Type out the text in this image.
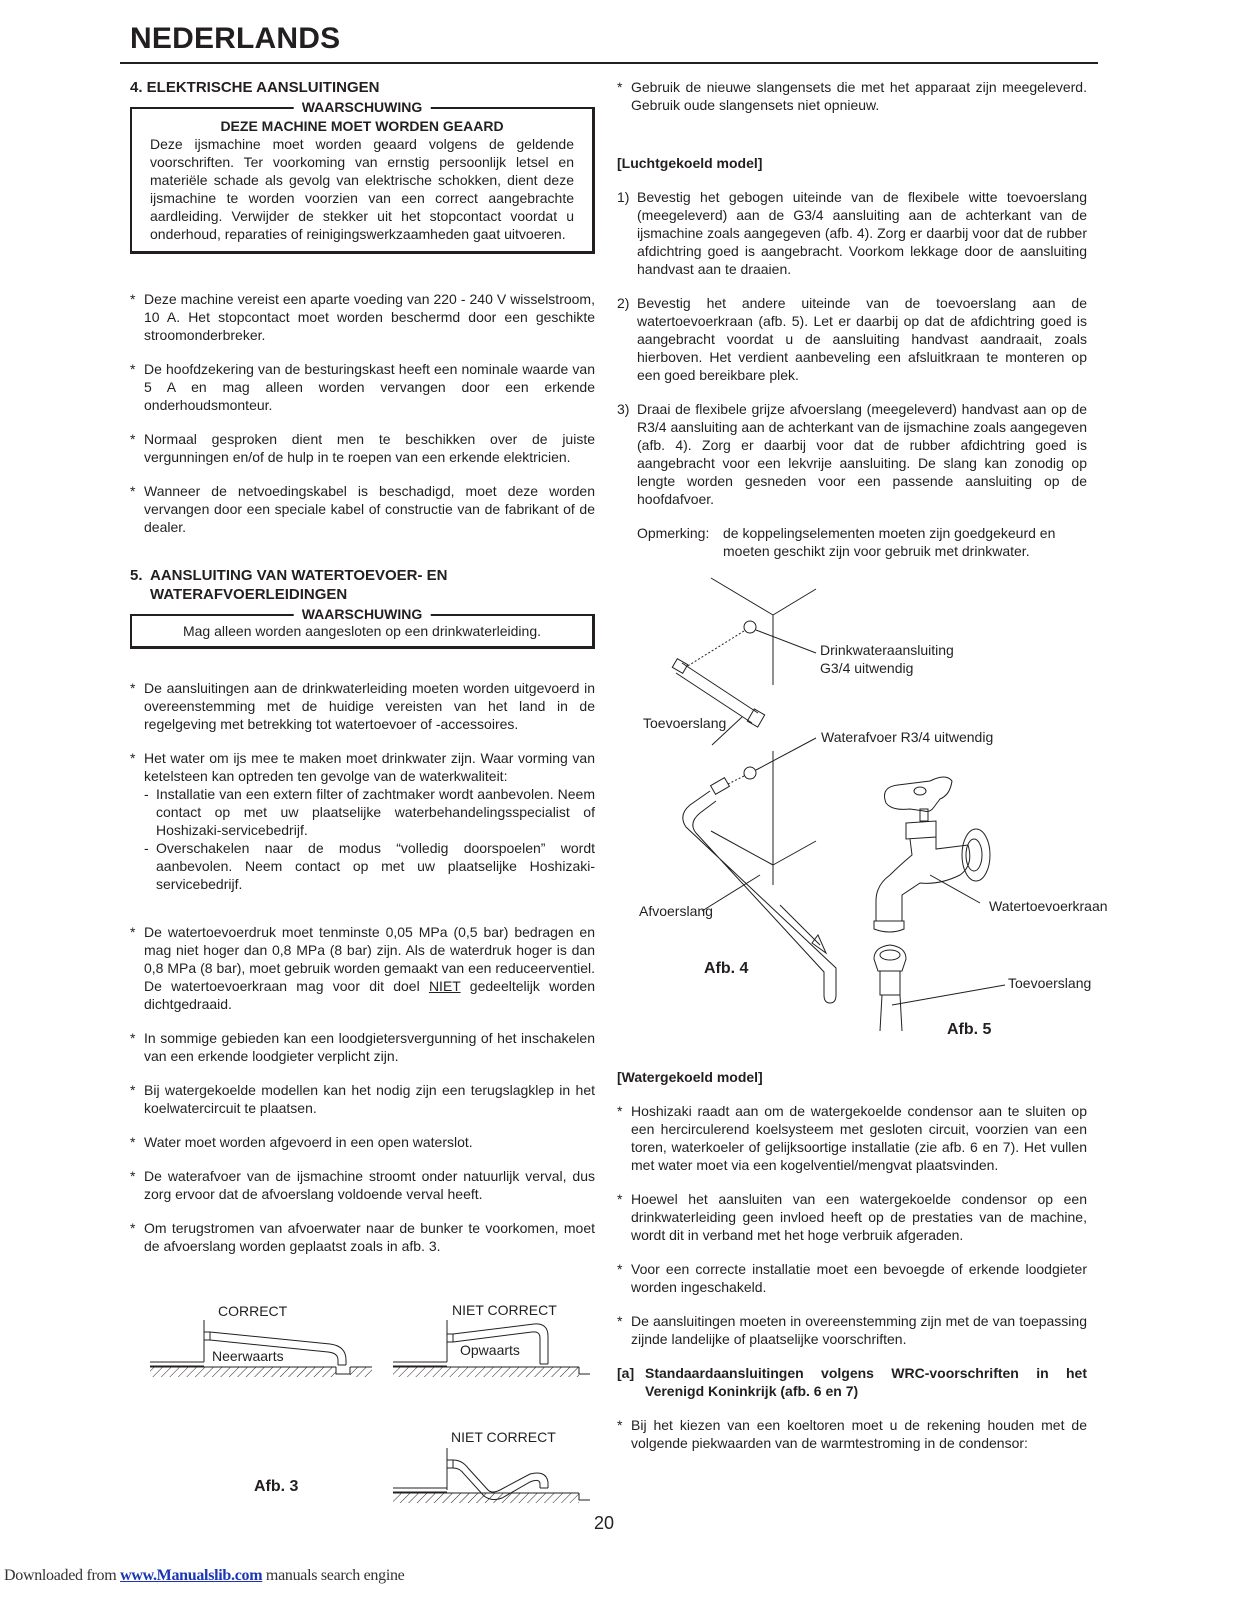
NEDERLANDS
4. ELEKTRISCHE AANSLUITINGEN
WAARSCHUWING
DEZE MACHINE MOET WORDEN GEAARD
Deze ijsmachine moet worden geaard volgens de geldende voorschriften. Ter voorkoming van ernstig persoonlijk letsel en materiële schade als gevolg van elektrische schokken, dient deze ijsmachine te worden voorzien van een correct aangebrachte aardleiding. Verwijder de stekker uit het stopcontact voordat u onderhoud, reparaties of reinigingswerkzaamheden gaat uitvoeren.
* Deze machine vereist een aparte voeding van 220 - 240 V wisselstroom, 10 A. Het stopcontact moet worden beschermd door een geschikte stroomonderbreker.
* De hoofdzekering van de besturingskast heeft een nominale waarde van 5 A en mag alleen worden vervangen door een erkende onderhoudsmonteur.
* Normaal gesproken dient men te beschikken over de juiste vergunningen en/of de hulp in te roepen van een erkende elektricien.
* Wanneer de netvoedingskabel is beschadigd, moet deze worden vervangen door een speciale kabel of constructie van de fabrikant of de dealer.
5. AANSLUITING VAN WATERTOEVOER- EN WATERAFVOERLEIDINGEN
WAARSCHUWING
Mag alleen worden aangesloten op een drinkwaterleiding.
* De aansluitingen aan de drinkwaterleiding moeten worden uitgevoerd in overeenstemming met de huidige vereisten van het land in de regelgeving met betrekking tot watertoevoer of -accessoires.
* Het water om ijs mee te maken moet drinkwater zijn. Waar vorming van ketelsteen kan optreden ten gevolge van de waterkwaliteit:
- Installatie van een extern filter of zachtmaker wordt aanbevolen. Neem contact op met uw plaatselijke waterbehandelingsspecialist of Hoshizaki-servicebedrijf.
- Overschakelen naar de modus “volledig doorspoelen” wordt aanbevolen. Neem contact op met uw plaatselijke Hoshizaki-servicebedrijf.
* De watertoevoerdruk moet tenminste 0,05 MPa (0,5 bar) bedragen en mag niet hoger dan 0,8 MPa (8 bar) zijn. Als de waterdruk hoger is dan 0,8 MPa (8 bar), moet gebruik worden gemaakt van een reduceerventiel. De watertoevoerkraan mag voor dit doel NIET gedeeltelijk worden dichtgedraaid.
* In sommige gebieden kan een loodgietersvergunning of het inschakelen van een erkende loodgieter verplicht zijn.
* Bij watergekoelde modellen kan het nodig zijn een terugslagklep in het koelwatercircuit te plaatsen.
* Water moet worden afgevoerd in een open waterslot.
* De waterafvoer van de ijsmachine stroomt onder natuurlijk verval, dus zorg ervoor dat de afvoerslang voldoende verval heeft.
* Om terugstromen van afvoerwater naar de bunker te voorkomen, moet de afvoerslang worden geplaatst zoals in afb. 3.
CORRECT
Neerwaarts
NIET CORRECT
Opwaarts
NIET CORRECT
Afb. 3
* Gebruik de nieuwe slangensets die met het apparaat zijn meegeleverd. Gebruik oude slangensets niet opnieuw.
[Luchtgekoeld model]
1) Bevestig het gebogen uiteinde van de flexibele witte toevoerslang (meegeleverd) aan de G3/4 aansluiting aan de achterkant van de ijsmachine zoals aangegeven (afb. 4). Zorg er daarbij voor dat de rubber afdichtring goed is aangebracht. Voorkom lekkage door de aansluiting handvast aan te draaien.
2) Bevestig het andere uiteinde van de toevoerslang aan de watertoevoerkraan (afb. 5). Let er daarbij op dat de afdichtring goed is aangebracht voordat u de aansluiting handvast aandraait, zoals hierboven. Het verdient aanbeveling een afsluitkraan te monteren op een goed bereikbare plek.
3) Draai de flexibele grijze afvoerslang (meegeleverd) handvast aan op de R3/4 aansluiting aan de achterkant van de ijsmachine zoals aangegeven (afb. 4). Zorg er daarbij voor dat de rubber afdichtring goed is aangebracht voor een lekvrije aansluiting. De slang kan zonodig op lengte worden gesneden voor een passende aansluiting op de hoofdafvoer.
Opmerking: de koppelingselementen moeten zijn goedgekeurd en moeten geschikt zijn voor gebruik met drinkwater.
Drinkwateraansluiting
G3/4 uitwendig
Toevoerslang
Waterafvoer R3/4 uitwendig
Afvoerslang
Afb. 4
Watertoevoerkraan
Toevoerslang
Afb. 5
[Watergekoeld model]
* Hoshizaki raadt aan om de watergekoelde condensor aan te sluiten op een hercirculerend koelsysteem met gesloten circuit, voorzien van een toren, waterkoeler of gelijksoortige installatie (zie afb. 6 en 7). Het vullen met water moet via een kogelventiel/mengvat plaatsvinden.
* Hoewel het aansluiten van een watergekoelde condensor op een drinkwaterleiding geen invloed heeft op de prestaties van de machine, wordt dit in verband met het hoge verbruik afgeraden.
* Voor een correcte installatie moet een bevoegde of erkende loodgieter worden ingeschakeld.
* De aansluitingen moeten in overeenstemming zijn met de van toepassing zijnde landelijke of plaatselijke voorschriften.
[a] Standaardaansluitingen volgens WRC-voorschriften in het Verenigd Koninkrijk (afb. 6 en 7)
* Bij het kiezen van een koeltoren moet u de rekening houden met de volgende piekwaarden van de warmtestroming in de condensor:
20
Downloaded from www.Manualslib.com manuals search engine
